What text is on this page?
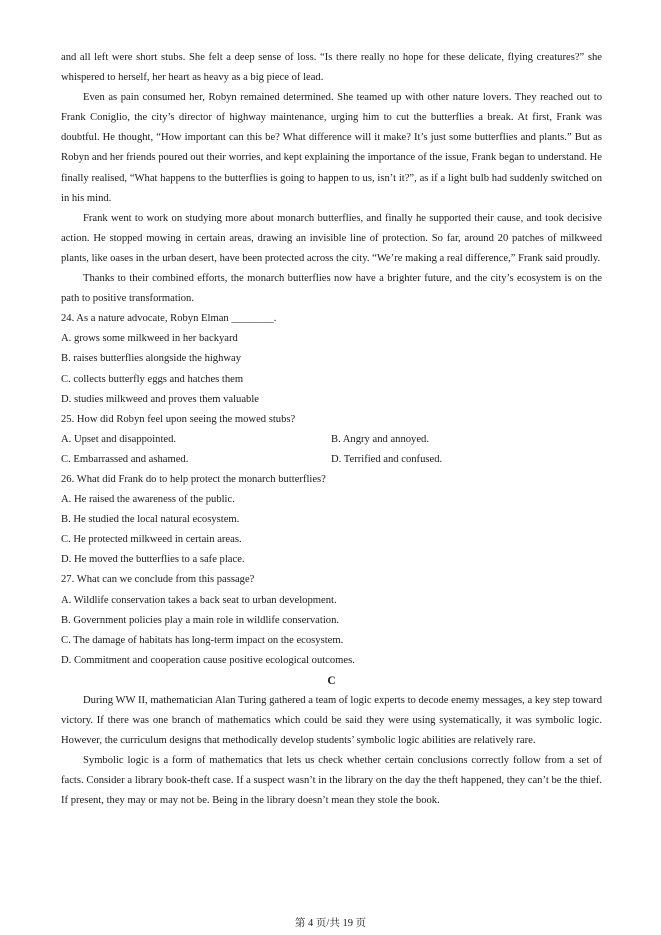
and all left were short stubs. She felt a deep sense of loss. “Is there really no hope for these delicate, flying creatures?” she whispered to herself, her heart as heavy as a big piece of lead.

Even as pain consumed her, Robyn remained determined. She teamed up with other nature lovers. They reached out to Frank Coniglio, the city’s director of highway maintenance, urging him to cut the butterflies a break. At first, Frank was doubtful. He thought, “How important can this be? What difference will it make? It’s just some butterflies and plants.” But as Robyn and her friends poured out their worries, and kept explaining the importance of the issue, Frank began to understand. He finally realised, “What happens to the butterflies is going to happen to us, isn’t it?”, as if a light bulb had suddenly switched on in his mind.

Frank went to work on studying more about monarch butterflies, and finally he supported their cause, and took decisive action. He stopped mowing in certain areas, drawing an invisible line of protection. So far, around 20 patches of milkweed plants, like oases in the urban desert, have been protected across the city. “We’re making a real difference,” Frank said proudly.

Thanks to their combined efforts, the monarch butterflies now have a brighter future, and the city’s ecosystem is on the path to positive transformation.

24. As a nature advocate, Robyn Elman ________.

A. grows some milkweed in her backyard

B. raises butterflies alongside the highway

C. collects butterfly eggs and hatches them

D. studies milkweed and proves them valuable

25. How did Robyn feel upon seeing the mowed stubs?

A. Upset and disappointed.	B. Angry and annoyed.
C. Embarrassed and ashamed.	D. Terrified and confused.

26. What did Frank do to help protect the monarch butterflies?

A. He raised the awareness of the public.

B. He studied the local natural ecosystem.

C. He protected milkweed in certain areas.

D. He moved the butterflies to a safe place.

27. What can we conclude from this passage?

A. Wildlife conservation takes a back seat to urban development.

B. Government policies play a main role in wildlife conservation.

C. The damage of habitats has long-term impact on the ecosystem.

D. Commitment and cooperation cause positive ecological outcomes.

C

During WW II, mathematician Alan Turing gathered a team of logic experts to decode enemy messages, a key step toward victory. If there was one branch of mathematics which could be said they were using systematically, it was symbolic logic. However, the curriculum designs that methodically develop students’ symbolic logic abilities are relatively rare.

Symbolic logic is a form of mathematics that lets us check whether certain conclusions correctly follow from a set of facts. Consider a library book-theft case. If a suspect wasn’t in the library on the day the theft happened, they can’t be the thief. If present, they may or may not be. Being in the library doesn’t mean they stole the book.

第 4 页/共 19 页
